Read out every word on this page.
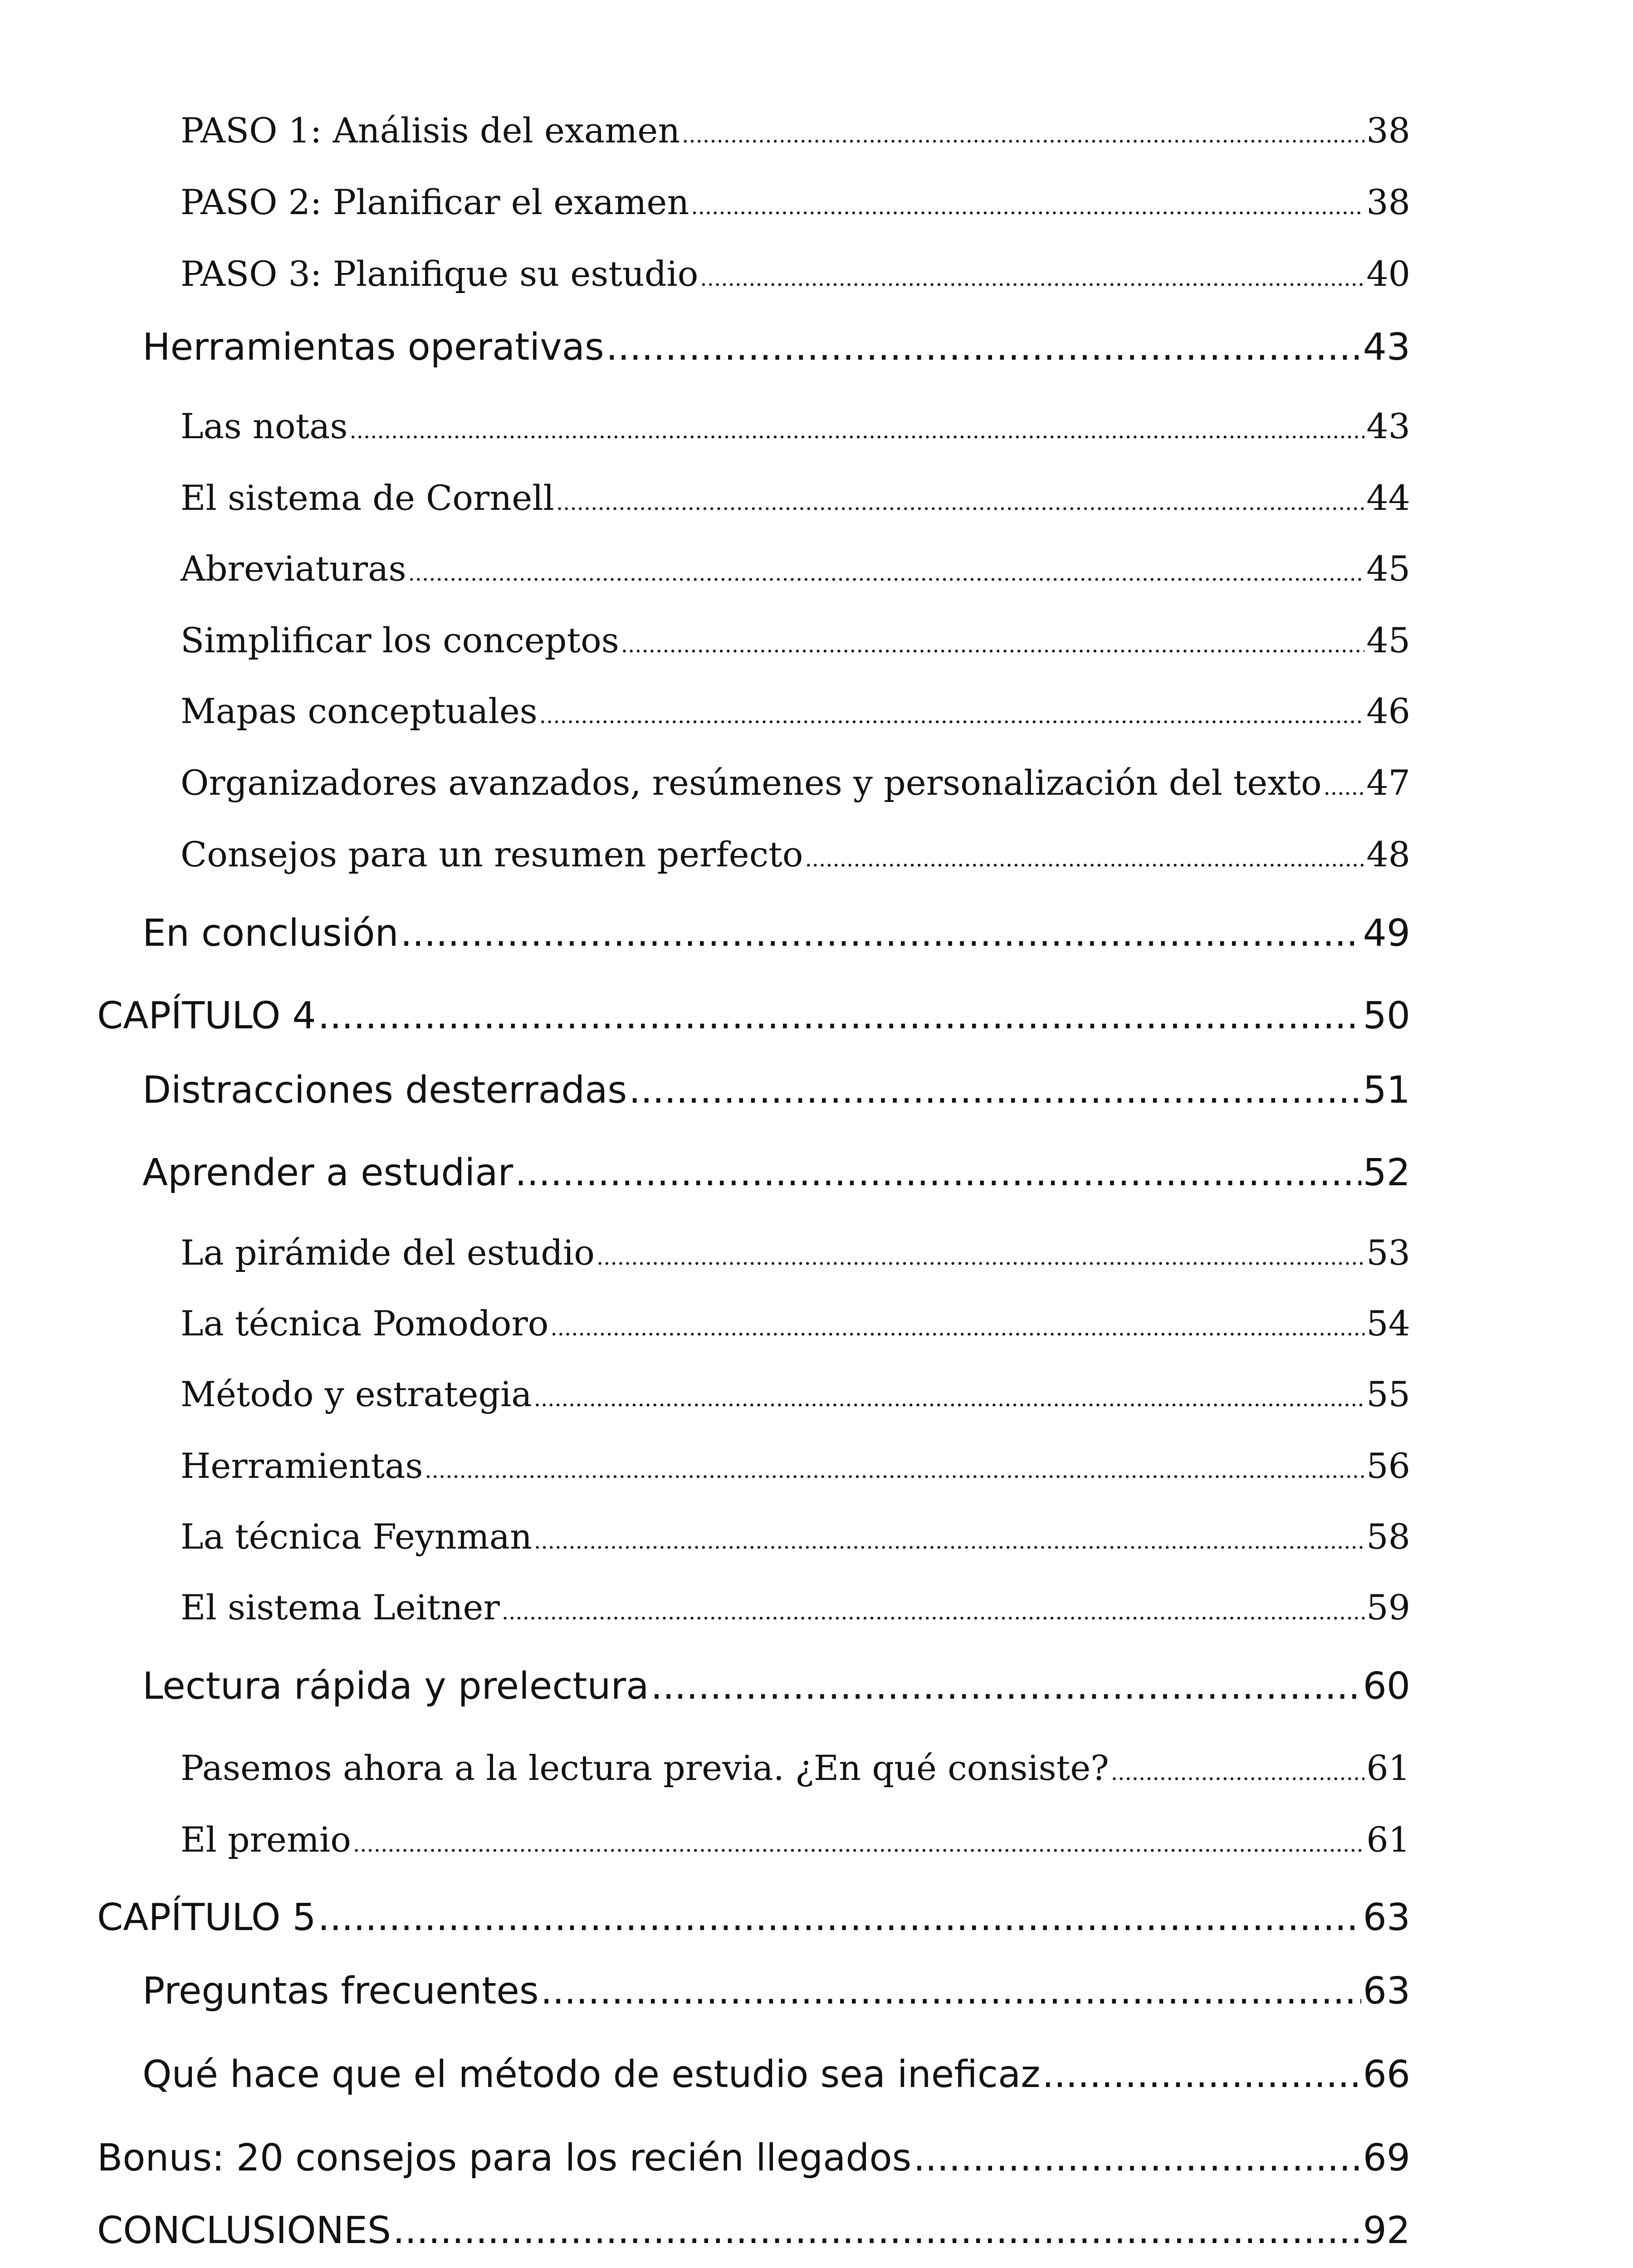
PASO 1: Análisis del examen .....	38
PASO 2: Planificar el examen .....	38
PASO 3: Planifique su estudio .....	40
Herramientas operativas .....	43
Las notas .....	43
El sistema de Cornell .....	44
Abreviaturas .....	45
Simplificar los conceptos .....	45
Mapas conceptuales .....	46
Organizadores avanzados, resúmenes y personalización del texto ..... 47
Consejos para un resumen perfecto .....	48
En conclusión .....	49
CAPÍTULO 4 .....	50
Distracciones desterradas .....	51
Aprender a estudiar .....	52
La pirámide del estudio .....	53
La técnica Pomodoro .....	54
Método y estrategia .....	55
Herramientas .....	56
La técnica Feynman .....	58
El sistema Leitner .....	59
Lectura rápida y prelectura .....	60
Pasemos ahora a la lectura previa. ¿En qué consiste? .....	61
El premio .....	61
CAPÍTULO 5 .....	63
Preguntas frecuentes .....	63
Qué hace que el método de estudio sea ineficaz .....	66
Bonus: 20 consejos para los recién llegados .....	69
CONCLUSIONES .....	92
